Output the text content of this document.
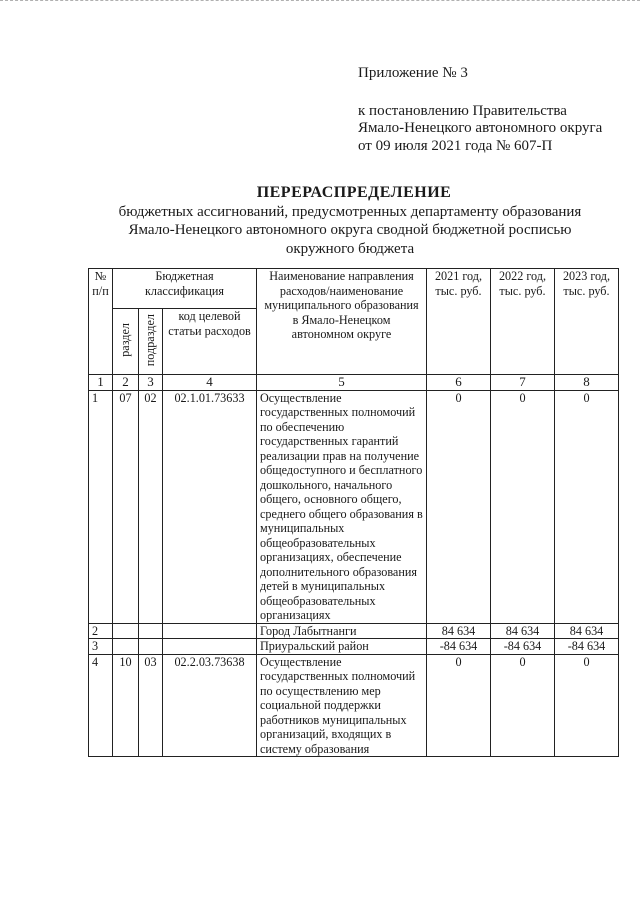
Приложение № 3
к постановлению Правительства
Ямало-Ненецкого автономного округа
от 09 июля 2021 года № 607-П
ПЕРЕРАСПРЕДЕЛЕНИЕ
бюджетных ассигнований, предусмотренных департаменту образования
Ямало-Ненецкого автономного округа сводной бюджетной росписью
окружного бюджета
№ п/п	Бюджетная классификация			Наименование направления расходов/наименование муниципального образования в Ямало-Ненецком автономном округе	2021 год, тыс. руб.	2022 год, тыс. руб.	2023 год, тыс. руб.
	раздел	подраздел	код целевой статьи расходов				
1	2	3	4	5	6	7	8
1	07	02	02.1.01.73633	Осуществление государственных полномочий по обеспечению государственных гарантий реализации прав на получение общедоступного и бесплатного дошкольного, начального общего, основного общего, среднего общего образования в муниципальных общеобразовательных организациях, обеспечение дополнительного образования детей в муниципальных общеобразовательных организациях	0	0	0
2				Город Лабытнанги	84 634	84 634	84 634
3				Приуральский район	-84 634	-84 634	-84 634
4	10	03	02.2.03.73638	Осуществление государственных полномочий по осуществлению мер социальной поддержки работников муниципальных организаций, входящих в систему образования	0	0	0
